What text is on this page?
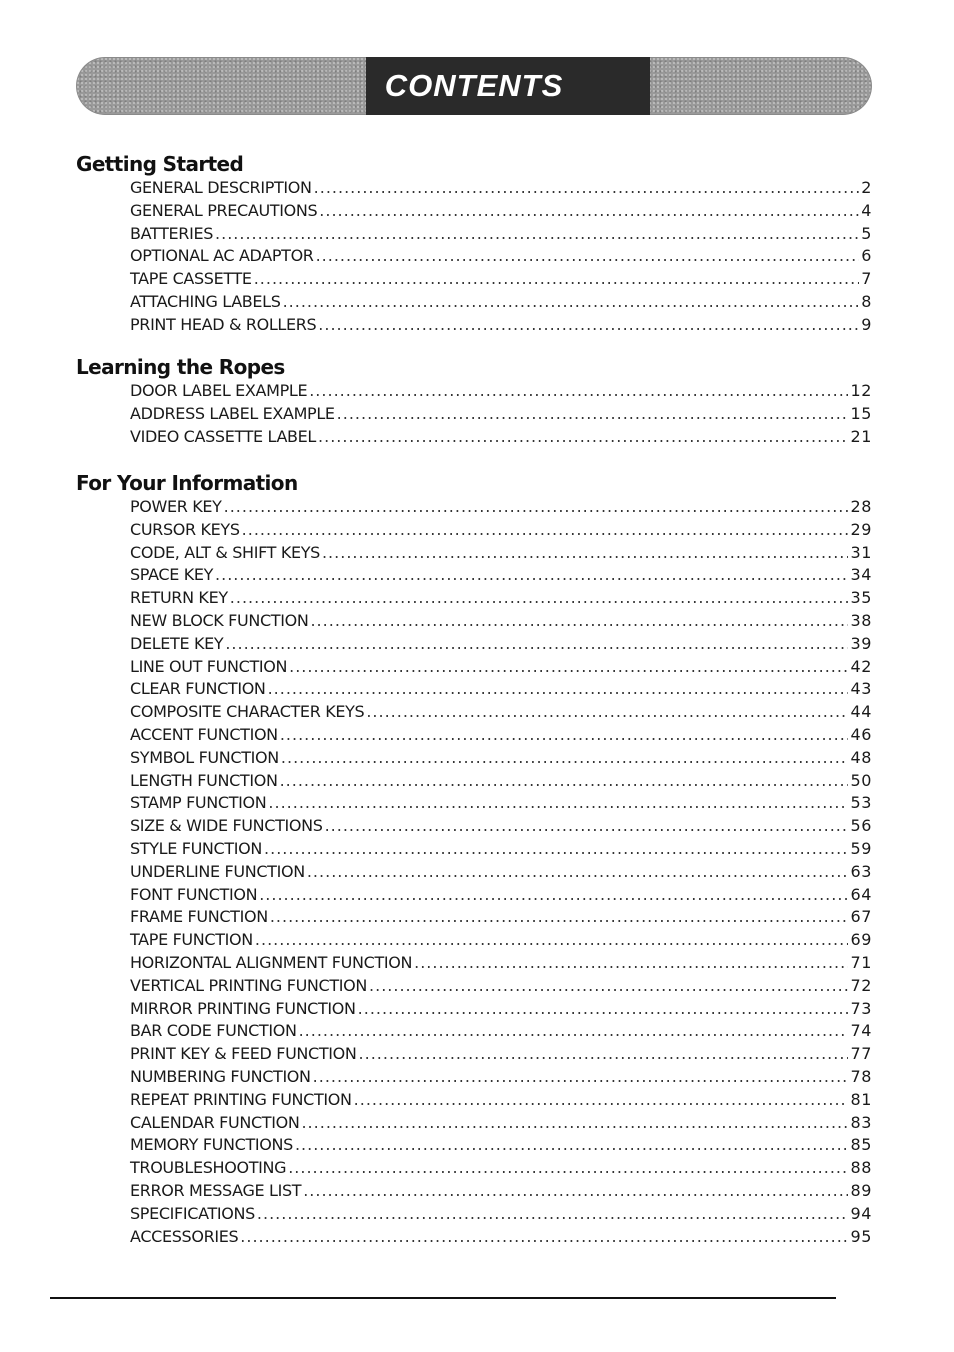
CONTENTS
Getting Started
GENERAL DESCRIPTION .....	2
GENERAL PRECAUTIONS .....	4
BATTERIES .....	5
OPTIONAL AC ADAPTOR .....	6
TAPE CASSETTE .....	7
ATTACHING LABELS .....	8
PRINT HEAD & ROLLERS .....	9
Learning the Ropes
DOOR LABEL EXAMPLE .....	12
ADDRESS LABEL EXAMPLE .....	15
VIDEO CASSETTE LABEL .....	21
For Your Information
POWER KEY .....	28
CURSOR KEYS .....	29
CODE, ALT & SHIFT KEYS .....	31
SPACE KEY .....	34
RETURN KEY .....	35
NEW BLOCK FUNCTION .....	38
DELETE KEY .....	39
LINE OUT FUNCTION .....	42
CLEAR FUNCTION .....	43
COMPOSITE CHARACTER KEYS .....	44
ACCENT FUNCTION .....	46
SYMBOL FUNCTION .....	48
LENGTH FUNCTION .....	50
STAMP FUNCTION .....	53
SIZE & WIDE FUNCTIONS .....	56
STYLE FUNCTION .....	59
UNDERLINE FUNCTION .....	63
FONT FUNCTION .....	64
FRAME FUNCTION .....	67
TAPE FUNCTION .....	69
HORIZONTAL ALIGNMENT FUNCTION .....	71
VERTICAL PRINTING FUNCTION .....	72
MIRROR PRINTING FUNCTION .....	73
BAR CODE FUNCTION .....	74
PRINT KEY & FEED FUNCTION .....	77
NUMBERING FUNCTION .....	78
REPEAT PRINTING FUNCTION .....	81
CALENDAR FUNCTION .....	83
MEMORY FUNCTIONS .....	85
TROUBLESHOOTING .....	88
ERROR MESSAGE LIST .....	89
SPECIFICATIONS .....	94
ACCESSORIES .....	95
